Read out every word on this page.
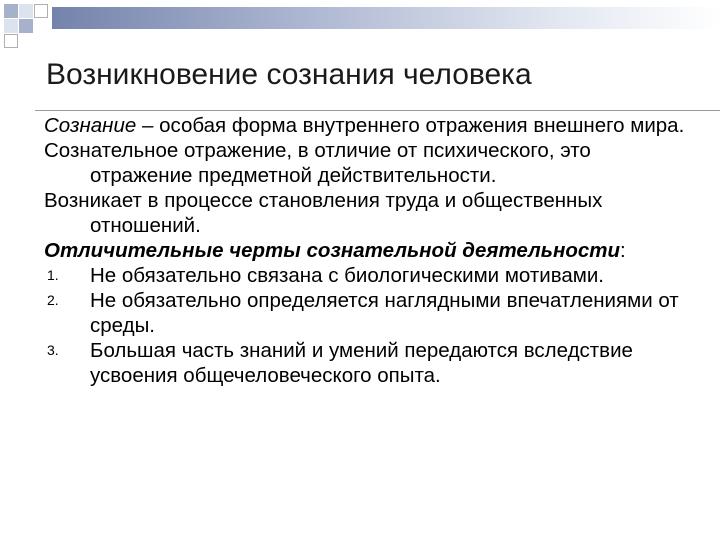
Возникновение сознания человека

Сознание – особая форма внутреннего отражения внешнего мира.

Сознательное отражение, в отличие от психического, это отражение предметной действительности.

Возникает в процессе становления труда и общественных отношений.

Отличительные черты сознательной деятельности:

1. Не обязательно связана с биологическими мотивами.
2. Не обязательно определяется наглядными впечатлениями от среды.
3. Большая часть знаний и умений передаются вследствие усвоения общечеловеческого опыта.
